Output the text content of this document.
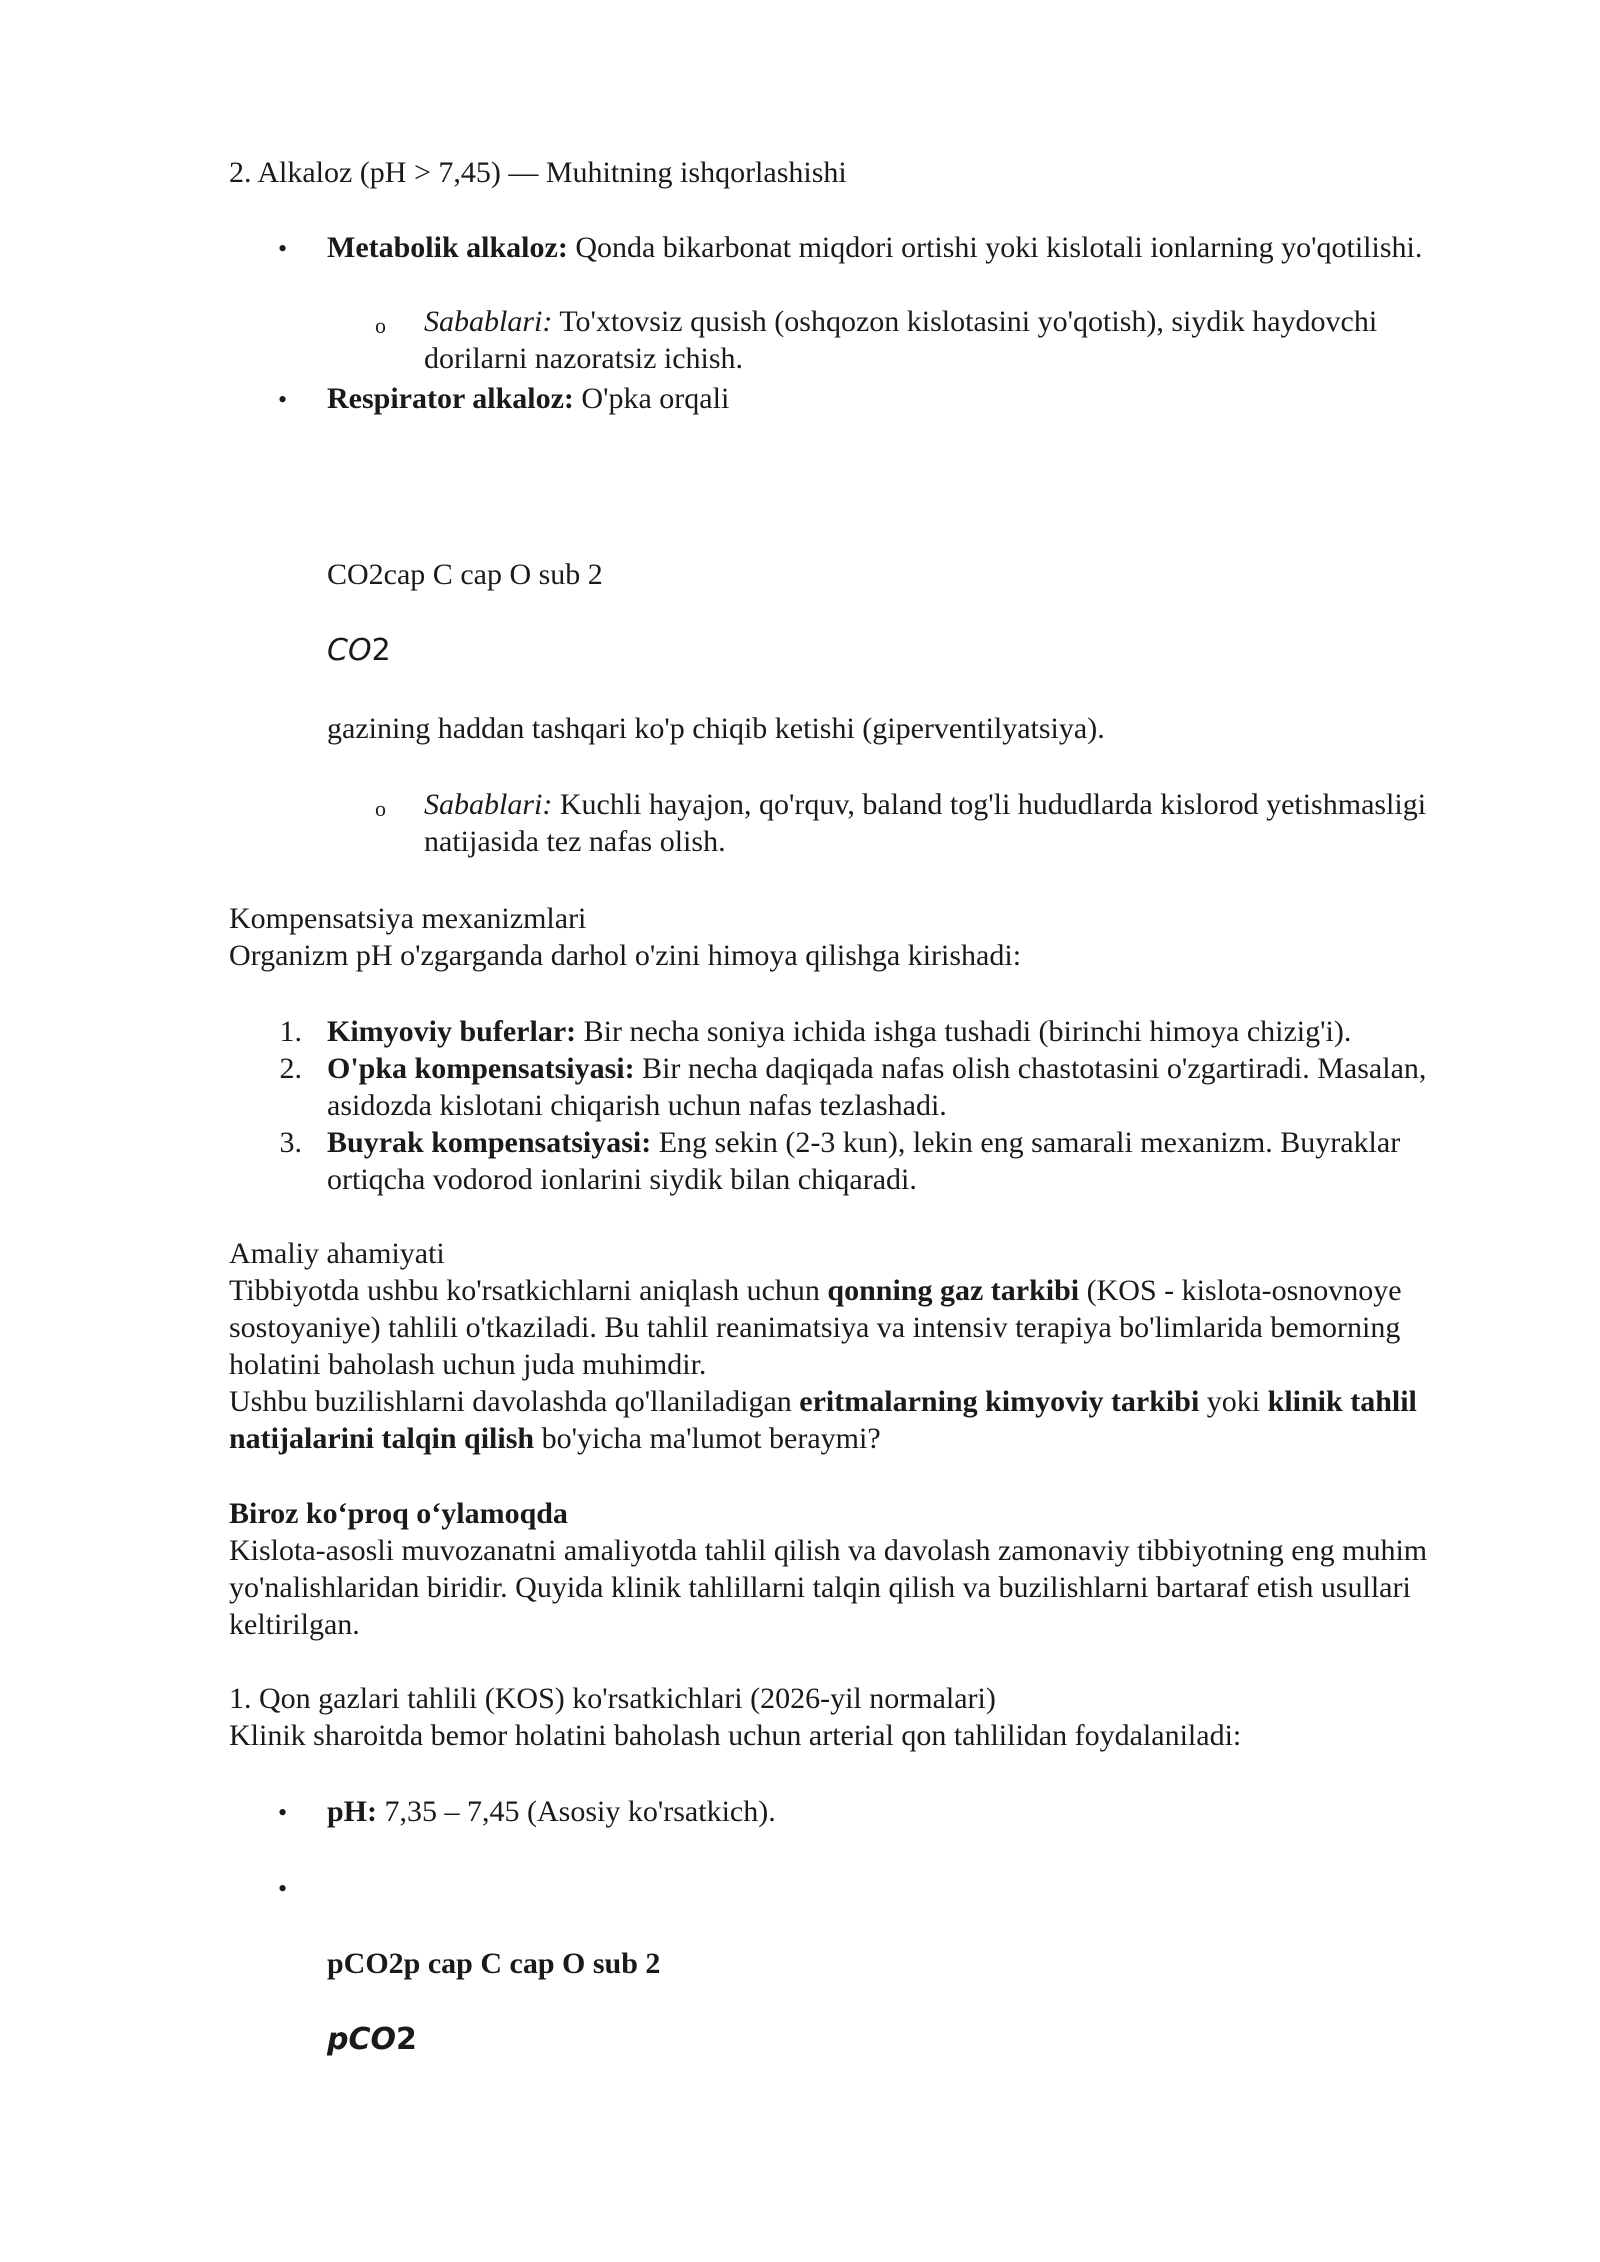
2. Alkaloz (pH > 7,45) — Muhitning ishqorlashishi
• Metabolik alkaloz: Qonda bikarbonat miqdori ortishi yoki kislotali ionlarning yo'qotilishi.
o Sabablari: To'xtovsiz qusish (oshqozon kislotasini yo'qotish), siydik haydovchi dorilarni nazoratsiz ichish.
• Respirator alkaloz: O'pka orqali
CO2cap C cap O sub 2
CO2
gazining haddan tashqari ko'p chiqib ketishi (giperventilyatsiya).
o Sabablari: Kuchli hayajon, qo'rquv, baland tog'li hududlarda kislorod yetishmasligi natijasida tez nafas olish.
Kompensatsiya mexanizmlari
Organizm pH o'zgarganda darhol o'zini himoya qilishga kirishadi:
1. Kimyoviy buferlar: Bir necha soniya ichida ishga tushadi (birinchi himoya chizig'i).
2. O'pka kompensatsiyasi: Bir necha daqiqada nafas olish chastotasini o'zgartiradi. Masalan, asidozda kislotani chiqarish uchun nafas tezlashadi.
3. Buyrak kompensatsiyasi: Eng sekin (2-3 kun), lekin eng samarali mexanizm. Buyraklar ortiqcha vodorod ionlarini siydik bilan chiqaradi.
Amaliy ahamiyati
Tibbiyotda ushbu ko'rsatkichlarni aniqlash uchun qonning gaz tarkibi (KOS - kislota-osnovnoye sostoyaniye) tahlili o'tkaziladi. Bu tahlil reanimatsiya va intensiv terapiya bo'limlarida bemorning holatini baholash uchun juda muhimdir.
Ushbu buzilishlarni davolashda qo'llaniladigan eritmalarning kimyoviy tarkibi yoki klinik tahlil natijalarini talqin qilish bo'yicha ma'lumot beraymi?
Biroz ko‘proq o‘ylamoqda
Kislota-asosli muvozanatni amaliyotda tahlil qilish va davolash zamonaviy tibbiyotning eng muhim yo'nalishlaridan biridir. Quyida klinik tahlillarni talqin qilish va buzilishlarni bartaraf etish usullari keltirilgan.
1. Qon gazlari tahlili (KOS) ko'rsatkichlari (2026-yil normalari)
Klinik sharoitda bemor holatini baholash uchun arterial qon tahlilidan foydalaniladi:
• pH: 7,35 – 7,45 (Asosiy ko'rsatkich).
•
pCO2p cap C cap O sub 2
pCO2
